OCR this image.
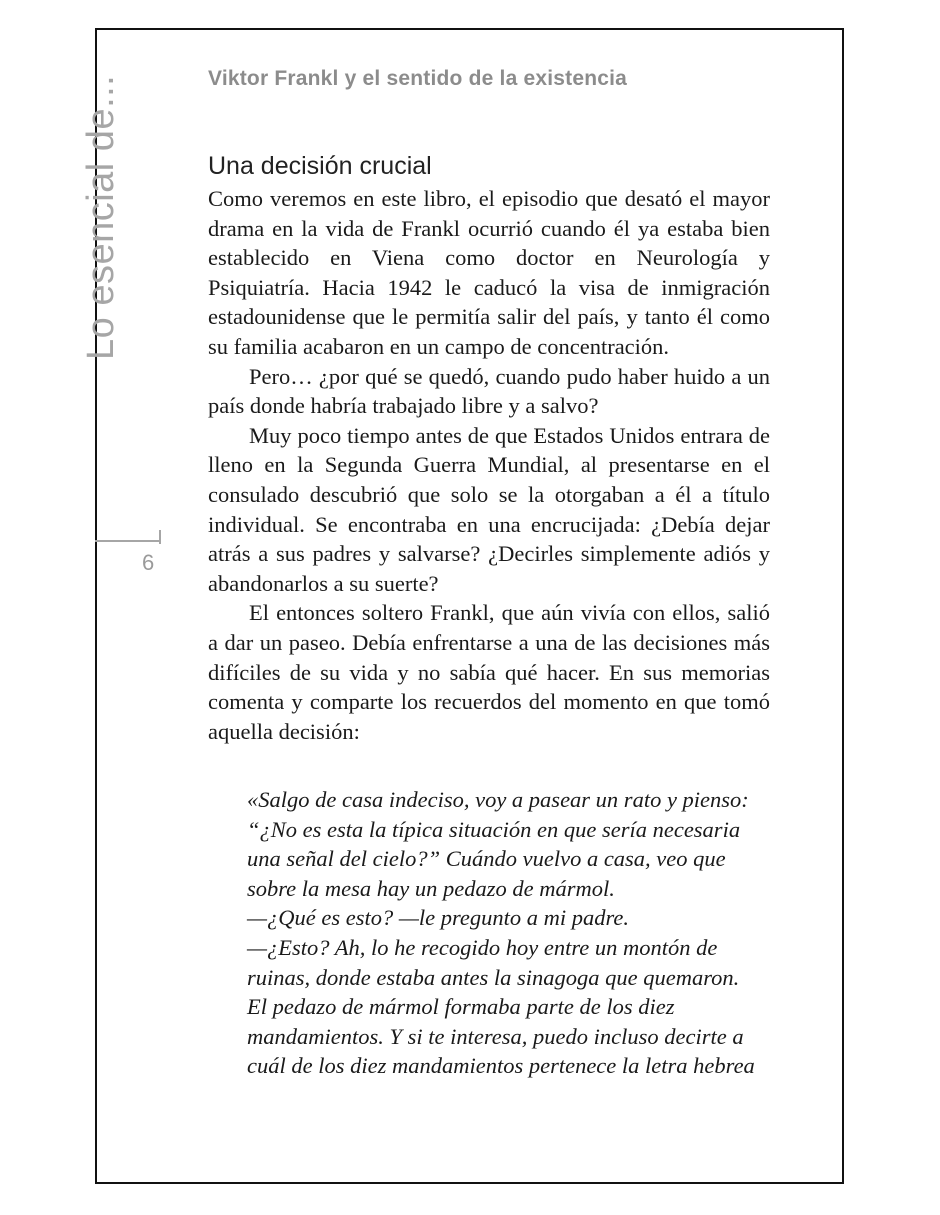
Lo esencial de...
6
Viktor Frankl y el sentido de la existencia
Una decisión crucial

Como veremos en este libro, el episodio que desató el mayor drama en la vida de Frankl ocurrió cuando él ya estaba bien establecido en Viena como doctor en Neurología y Psiquiatría. Hacia 1942 le caducó la visa de inmigración estadounidense que le permitía salir del país, y tanto él como su familia acabaron en un campo de concentración.

Pero… ¿por qué se quedó, cuando pudo haber huido a un país donde habría trabajado libre y a salvo?

Muy poco tiempo antes de que Estados Unidos entrara de lleno en la Segunda Guerra Mundial, al presentarse en el consulado descubrió que solo se la otorgaban a él a título individual. Se encontraba en una encrucijada: ¿Debía dejar atrás a sus padres y salvarse? ¿Decirles simplemente adiós y abandonarlos a su suerte?

El entonces soltero Frankl, que aún vivía con ellos, salió a dar un paseo. Debía enfrentarse a una de las decisiones más difíciles de su vida y no sabía qué hacer. En sus memorias comenta y comparte los recuerdos del momento en que tomó aquella decisión:

«Salgo de casa indeciso, voy a pasear un rato y pienso:

“¿No es esta la típica situación en que sería necesaria

una señal del cielo?” Cuándo vuelvo a casa, veo que

sobre la mesa hay un pedazo de mármol.

—¿Qué es esto? —le pregunto a mi padre.

—¿Esto? Ah, lo he recogido hoy entre un montón de

ruinas, donde estaba antes la sinagoga que quemaron.

El pedazo de mármol formaba parte de los diez

mandamientos. Y si te interesa, puedo incluso decirte a

cuál de los diez mandamientos pertenece la letra hebrea
